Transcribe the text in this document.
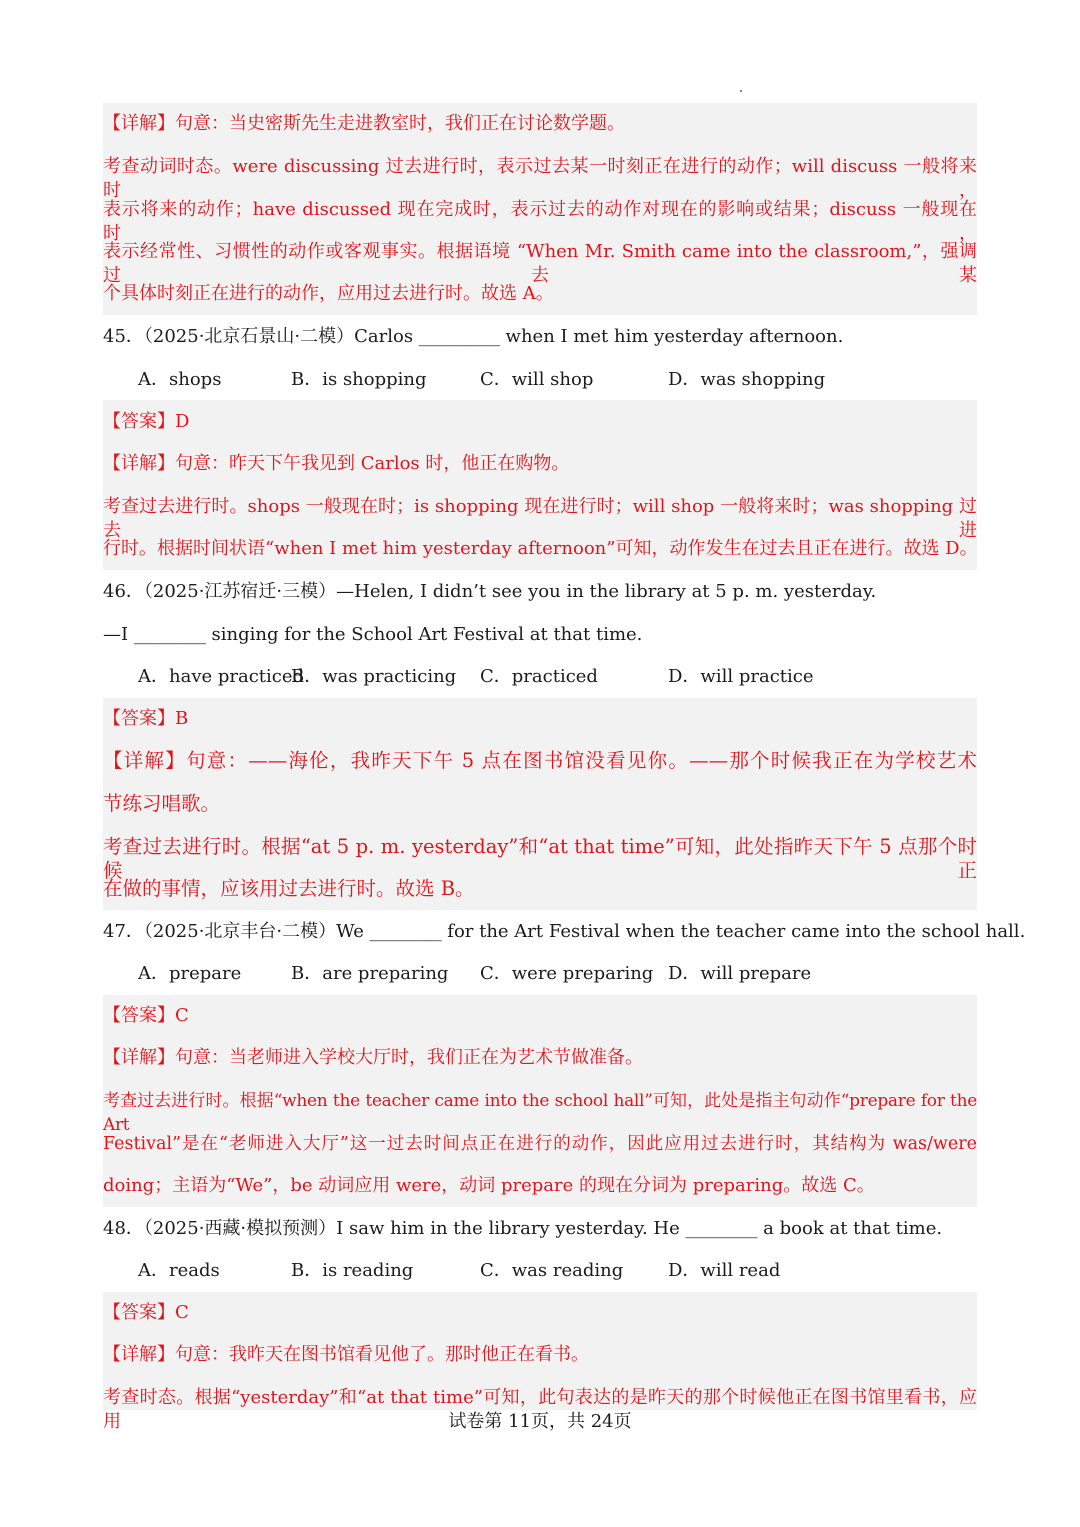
【详解】句意：当史密斯先生走进教室时，我们正在讨论数学题。
考查动词时态。were discussing 过去进行时，表示过去某一时刻正在进行的动作；will discuss 一般将来时，
表示将来的动作；have discussed 现在完成时，表示过去的动作对现在的影响或结果；discuss 一般现在时，
表示经常性、习惯性的动作或客观事实。根据语境 “When Mr. Smith came into the classroom,”，强调过去某
个具体时刻正在进行的动作，应用过去进行时。故选 A。
45．（2025·北京石景山·二模）Carlos _________ when I met him yesterday afternoon.
A．shops	B．is shopping	C．will shop	D．was shopping
【答案】D
【详解】句意：昨天下午我见到 Carlos 时，他正在购物。
考查过去进行时。shops 一般现在时；is shopping 现在进行时；will shop 一般将来时；was shopping 过去进
行时。根据时间状语“when I met him yesterday afternoon”可知，动作发生在过去且正在进行。故选 D。
46．（2025·江苏宿迁·三模）—Helen, I didn’t see you in the library at 5 p. m. yesterday.
—I ________ singing for the School Art Festival at that time.
A．have practiced
B．was practicing C．practiced	D．will practice
【答案】B
【详解】句意：——海伦，我昨天下午 5 点在图书馆没看见你。——那个时候我正在为学校艺术
节练习唱歌。
考查过去进行时。根据“at 5 p. m. yesterday”和“at that time”可知，此处指昨天下午 5 点那个时候正
在做的事情，应该用过去进行时。故选 B。
47．（2025·北京丰台·二模）We ________ for the Art Festival when the teacher came into the school hall.
A．prepare	B．are preparing C．were preparing D．will prepare
【答案】C
【详解】句意：当老师进入学校大厅时，我们正在为艺术节做准备。
考查过去进行时。根据“when the teacher came into the school hall”可知，此处是指主句动作“prepare for the Art
Festival”是在“老师进入大厅”这一过去时间点正在进行的动作，因此应用过去进行时，其结构为 was/were
doing；主语为“We”，be 动词应用 were，动词 prepare 的现在分词为 preparing。故选 C。
48．（2025·西藏·模拟预测）I saw him in the library yesterday. He ________ a book at that time.
A．reads	B．is reading	C．was reading D．will read
【答案】C
【详解】句意：我昨天在图书馆看见他了。那时他正在看书。
考查时态。根据“yesterday”和“at that time”可知，此句表达的是昨天的那个时候他正在图书馆里看书，应用	试卷第 11页，共 24页
